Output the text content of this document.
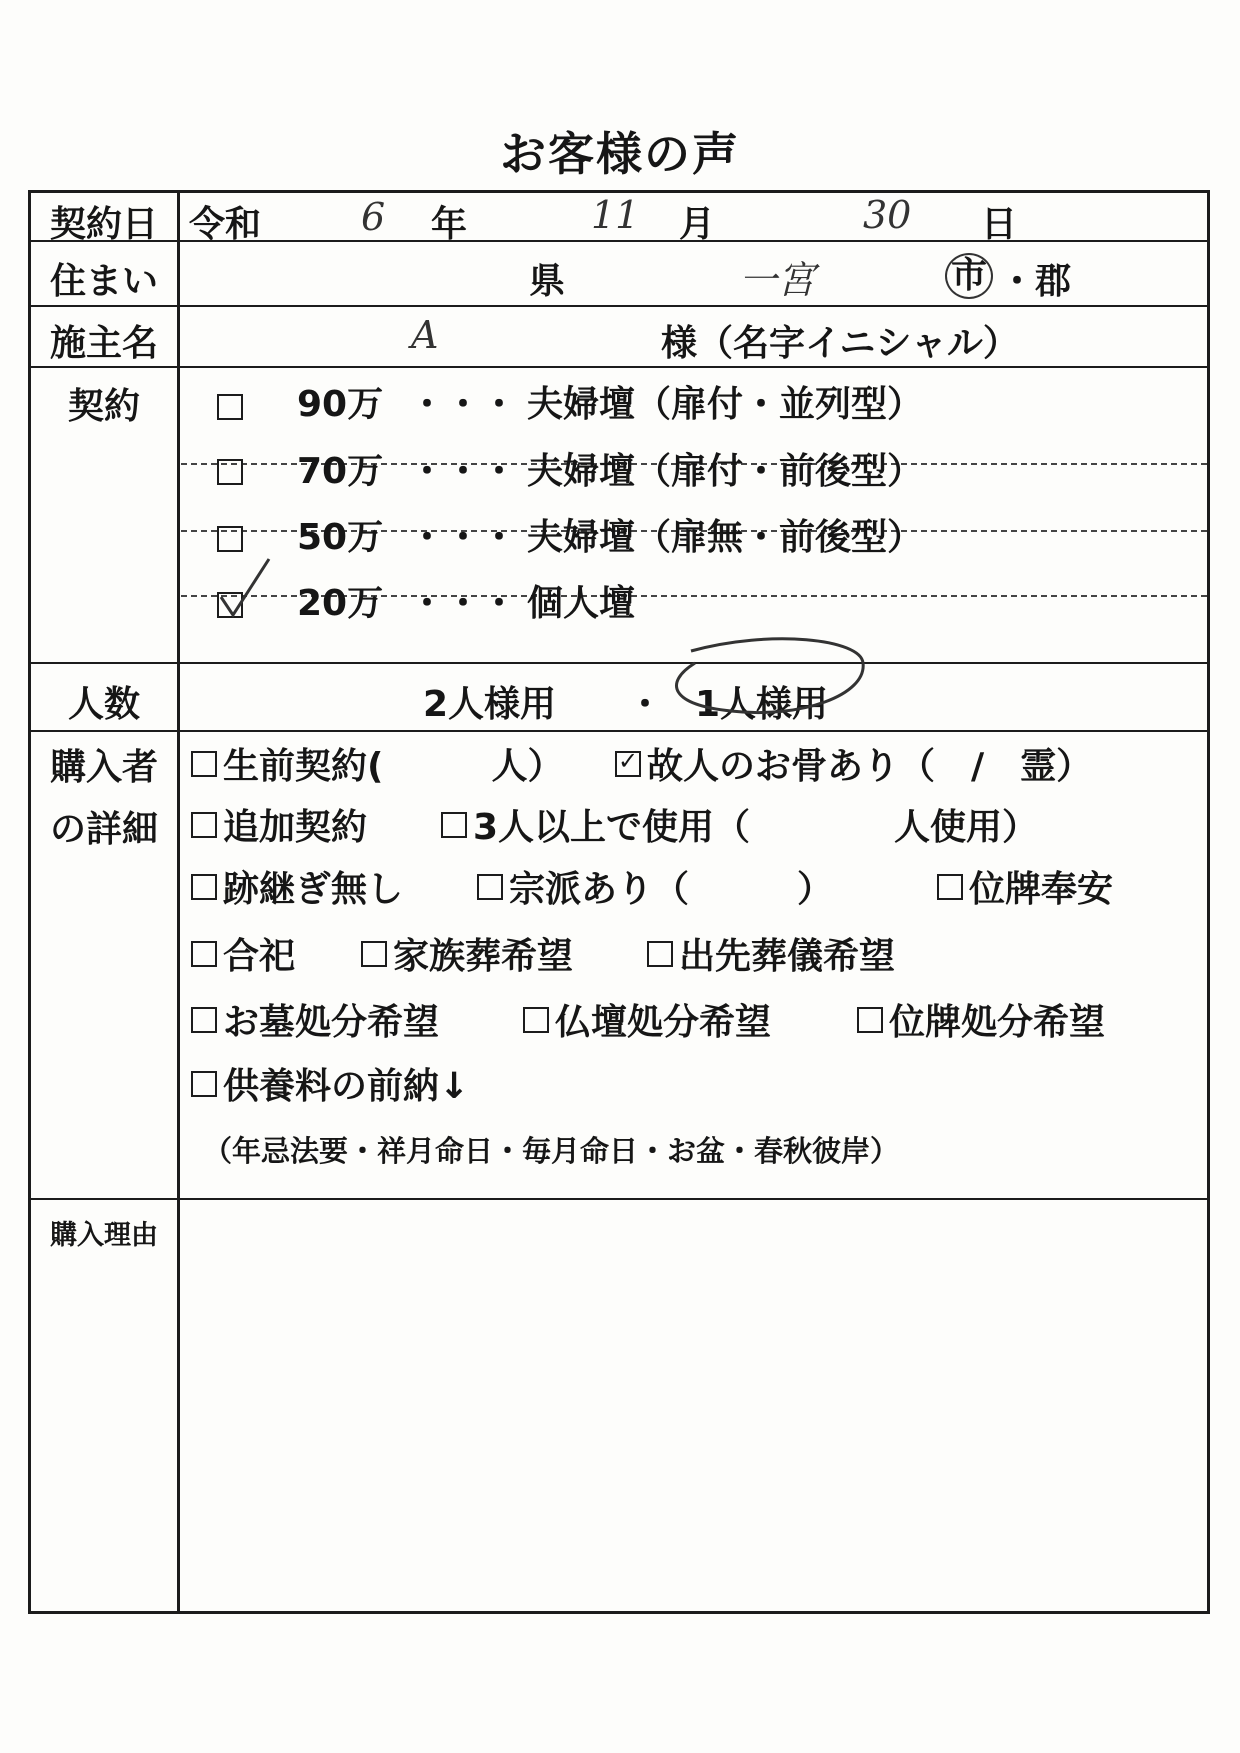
お客様の声
契約日 令和	6 年	11 月	30 日
住まい	県	一宮	市 ・ 郡
施主名	A	様（名字イニシャル）
契約	90万 ・・・ 夫婦壇（扉付・並列型）
70万 ・・・ 夫婦壇（扉付・前後型）
50万 ・・・ 夫婦壇（扉無・前後型）
20万 ・・・ 個人壇
人数	2人様用 ・ 1人様用
購入者
の詳細
生前契約(　　　人） ✓ 故人のお骨あり（　/　霊）
追加契約	3人以上で使用（　　　　人使用）
跡継ぎ無し	宗派あり（　　　）	位牌奉安
合祀	家族葬希望	出先葬儀希望
お墓処分希望	仏壇処分希望	位牌処分希望
供養料の前納↓
（年忌法要・祥月命日・毎月命日・お盆・春秋彼岸）
購入理由
